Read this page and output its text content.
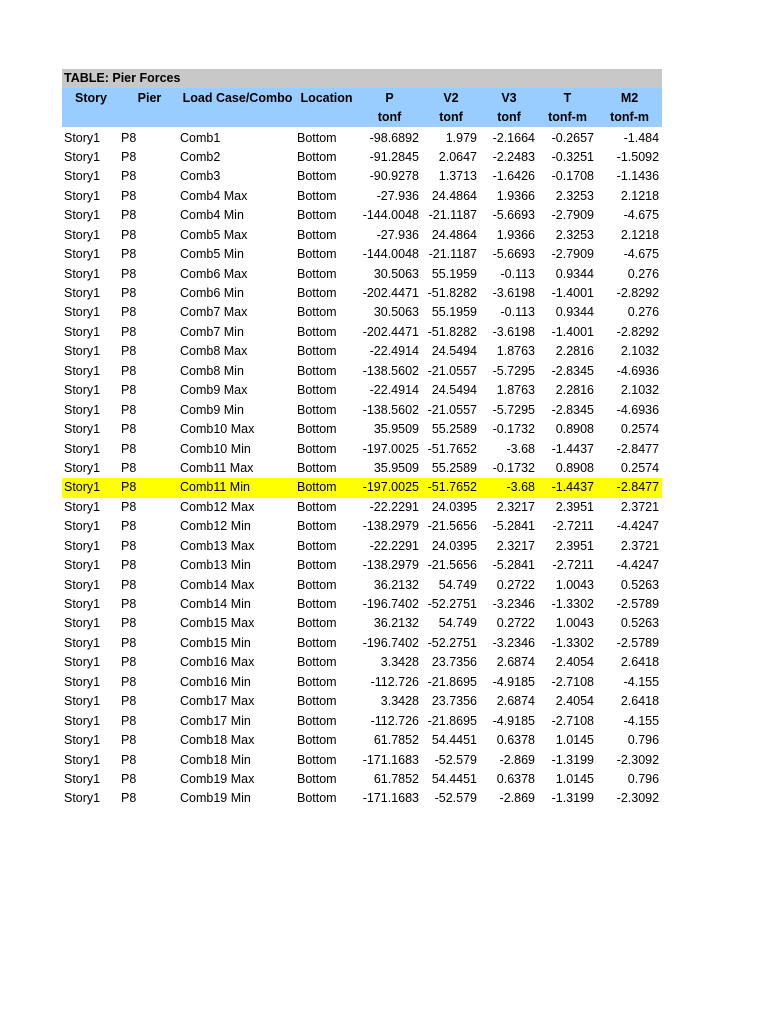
TABLE: Pier Forces								
Story	Pier	Load Case/Combo	Location	P	V2	V3	T	M2
				tonf	tonf	tonf	tonf-m	tonf-m
Story1	P8	Comb1	Bottom	-98.6892	1.979	-2.1664	-0.2657	-1.484
Story1	P8	Comb2	Bottom	-91.2845	2.0647	-2.2483	-0.3251	-1.5092
Story1	P8	Comb3	Bottom	-90.9278	1.3713	-1.6426	-0.1708	-1.1436
Story1	P8	Comb4 Max	Bottom	-27.936	24.4864	1.9366	2.3253	2.1218
Story1	P8	Comb4 Min	Bottom	-144.0048	-21.1187	-5.6693	-2.7909	-4.675
Story1	P8	Comb5 Max	Bottom	-27.936	24.4864	1.9366	2.3253	2.1218
Story1	P8	Comb5 Min	Bottom	-144.0048	-21.1187	-5.6693	-2.7909	-4.675
Story1	P8	Comb6 Max	Bottom	30.5063	55.1959	-0.113	0.9344	0.276
Story1	P8	Comb6 Min	Bottom	-202.4471	-51.8282	-3.6198	-1.4001	-2.8292
Story1	P8	Comb7 Max	Bottom	30.5063	55.1959	-0.113	0.9344	0.276
Story1	P8	Comb7 Min	Bottom	-202.4471	-51.8282	-3.6198	-1.4001	-2.8292
Story1	P8	Comb8 Max	Bottom	-22.4914	24.5494	1.8763	2.2816	2.1032
Story1	P8	Comb8 Min	Bottom	-138.5602	-21.0557	-5.7295	-2.8345	-4.6936
Story1	P8	Comb9 Max	Bottom	-22.4914	24.5494	1.8763	2.2816	2.1032
Story1	P8	Comb9 Min	Bottom	-138.5602	-21.0557	-5.7295	-2.8345	-4.6936
Story1	P8	Comb10 Max	Bottom	35.9509	55.2589	-0.1732	0.8908	0.2574
Story1	P8	Comb10 Min	Bottom	-197.0025	-51.7652	-3.68	-1.4437	-2.8477
Story1	P8	Comb11 Max	Bottom	35.9509	55.2589	-0.1732	0.8908	0.2574
Story1	P8	Comb11 Min	Bottom	-197.0025	-51.7652	-3.68	-1.4437	-2.8477
Story1	P8	Comb12 Max	Bottom	-22.2291	24.0395	2.3217	2.3951	2.3721
Story1	P8	Comb12 Min	Bottom	-138.2979	-21.5656	-5.2841	-2.7211	-4.4247
Story1	P8	Comb13 Max	Bottom	-22.2291	24.0395	2.3217	2.3951	2.3721
Story1	P8	Comb13 Min	Bottom	-138.2979	-21.5656	-5.2841	-2.7211	-4.4247
Story1	P8	Comb14 Max	Bottom	36.2132	54.749	0.2722	1.0043	0.5263
Story1	P8	Comb14 Min	Bottom	-196.7402	-52.2751	-3.2346	-1.3302	-2.5789
Story1	P8	Comb15 Max	Bottom	36.2132	54.749	0.2722	1.0043	0.5263
Story1	P8	Comb15 Min	Bottom	-196.7402	-52.2751	-3.2346	-1.3302	-2.5789
Story1	P8	Comb16 Max	Bottom	3.3428	23.7356	2.6874	2.4054	2.6418
Story1	P8	Comb16 Min	Bottom	-112.726	-21.8695	-4.9185	-2.7108	-4.155
Story1	P8	Comb17 Max	Bottom	3.3428	23.7356	2.6874	2.4054	2.6418
Story1	P8	Comb17 Min	Bottom	-112.726	-21.8695	-4.9185	-2.7108	-4.155
Story1	P8	Comb18 Max	Bottom	61.7852	54.4451	0.6378	1.0145	0.796
Story1	P8	Comb18 Min	Bottom	-171.1683	-52.579	-2.869	-1.3199	-2.3092
Story1	P8	Comb19 Max	Bottom	61.7852	54.4451	0.6378	1.0145	0.796
Story1	P8	Comb19 Min	Bottom	-171.1683	-52.579	-2.869	-1.3199	-2.3092
